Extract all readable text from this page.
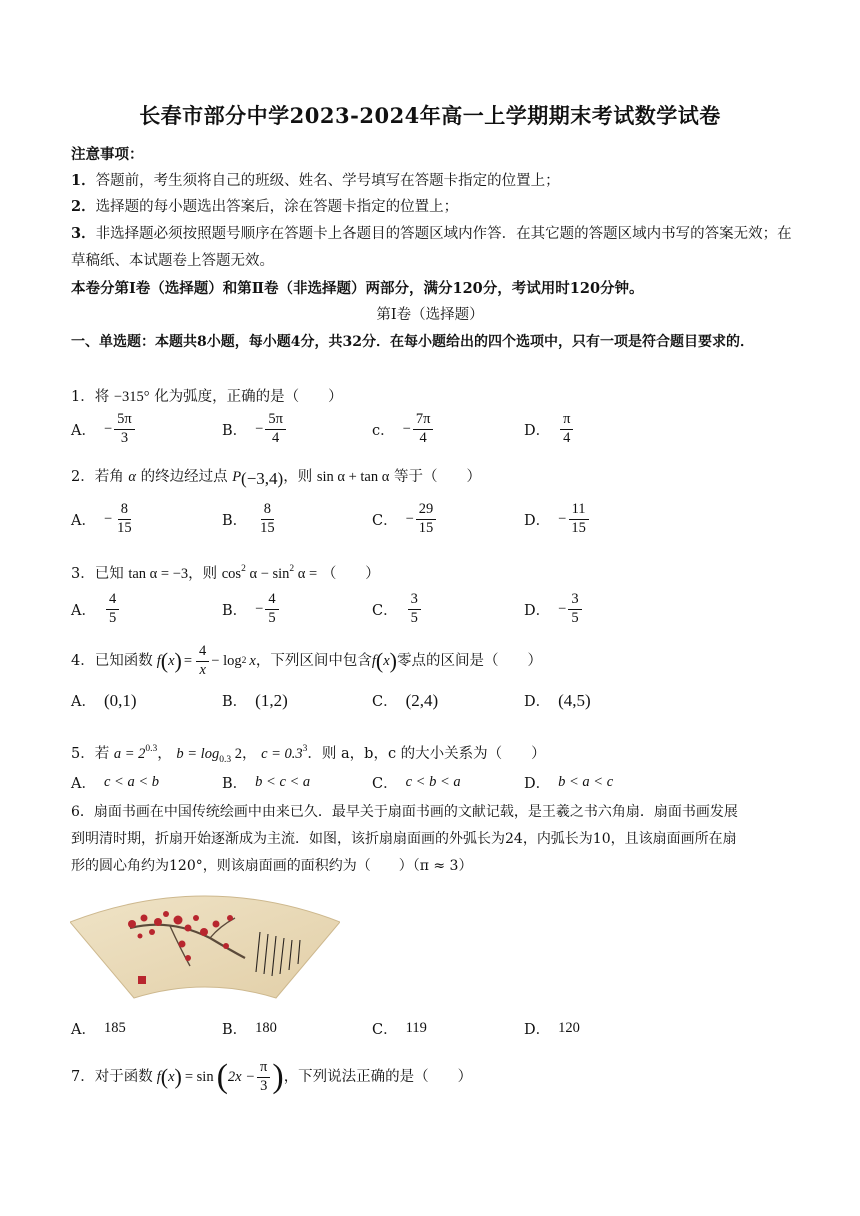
长春市部分中学2023-2024年高一上学期期末考试数学试卷
注意事项：
1．答题前，考生须将自己的班级、姓名、学号填写在答题卡指定的位置上；
2．选择题的每小题选出答案后，涂在答题卡指定的位置上；
3．非选择题必须按照题号顺序在答题卡上各题目的答题区域内作答．在其它题的答题区域内书写的答案无效；在草稿纸、本试题卷上答题无效。
本卷分第Ⅰ卷（选择题）和第Ⅱ卷（非选择题）两部分，满分120分，考试用时120分钟。
第Ⅰ卷（选择题）
一、单选题：本题共8小题，每小题4分，共32分．在每小题给出的四个选项中，只有一项是符合题目要求的．
1．将 −315° 化为弧度，正确的是（　　）
A． − $\frac{5\pi}{3}$	B． − $\frac{5\pi}{4}$	c． − $\frac{7\pi}{4}$	D． $\frac{\pi}{4}$
2．若角 α 的终边经过点 P(−3,4)，则 sin α + tan α 等于（　　）
A． − $\frac{8}{15}$	B． $\frac{8}{15}$	C． − $\frac{29}{15}$	D． − $\frac{11}{15}$
3．已知 tan α = −3，则 $\cos^2 \alpha - \sin^2 \alpha$ = （　　）
A． $\frac{4}{5}$	B． − $\frac{4}{5}$	C． $\frac{3}{5}$	D． − $\frac{3}{5}$
4．已知函数 f ( x ) = $\frac{4}{x} - \log 2$ x ，下列区间中包含 f ( x ) 零点的区间是（　　）
A． (0,1)	B． (1,2)	C． (2,4)	D． (4,5)
5．若 $a = 2^{0.3}$， $b = \log_{0.3} 2$， $c = 0.3^3$．则 a，b，c 的大小关系为（　　）
A． c < a < b	B． b < c < a	C． c < b < a	D． b < a < c
6．扇面书画在中国传统绘画中由来已久．最早关于扇面书画的文献记载，是王羲之书六角扇．扇面书画发展
到明清时期，折扇开始逐渐成为主流．如图，该折扇扇面画的外弧长为24，内弧长为10，且该扇面画所在扇
形的圆心角约为120°，则该扇面画的面积约为（　　）（π ≈ 3）
A． 185	B． 180	C． 119	D． 120
7．对于函数 f ( x ) = sin ( $2x - \frac{\pi}{3}$ ) ，下列说法正确的是（　　）
